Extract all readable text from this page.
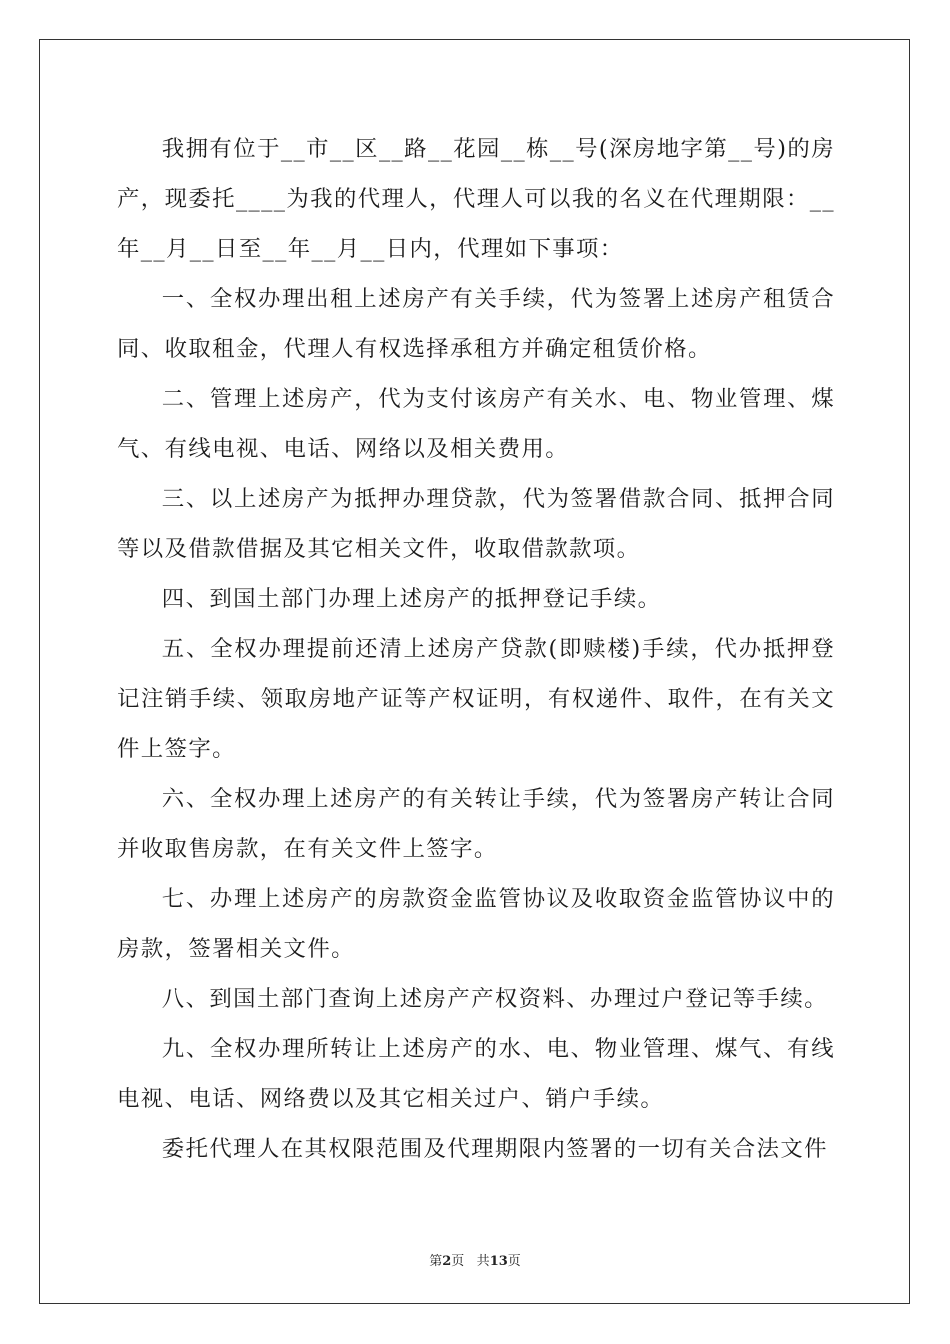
我拥有位于__市__区__路__花园__栋__号(深房地字第__号)的房产，现委托____为我的代理人，代理人可以我的名义在代理期限：__年__月__日至__年__月__日内，代理如下事项：

一、全权办理出租上述房产有关手续，代为签署上述房产租赁合同、收取租金，代理人有权选择承租方并确定租赁价格。

二、管理上述房产，代为支付该房产有关水、电、物业管理、煤气、有线电视、电话、网络以及相关费用。

三、以上述房产为抵押办理贷款，代为签署借款合同、抵押合同等以及借款借据及其它相关文件，收取借款款项。

四、到国土部门办理上述房产的抵押登记手续。

五、全权办理提前还清上述房产贷款(即赎楼)手续，代办抵押登记注销手续、领取房地产证等产权证明，有权递件、取件，在有关文件上签字。

六、全权办理上述房产的有关转让手续，代为签署房产转让合同并收取售房款，在有关文件上签字。

七、办理上述房产的房款资金监管协议及收取资金监管协议中的房款，签署相关文件。

八、到国土部门查询上述房产产权资料、办理过户登记等手续。

九、全权办理所转让上述房产的水、电、物业管理、煤气、有线电视、电话、网络费以及其它相关过户、销户手续。

委托代理人在其权限范围及代理期限内签署的一切有关合法文件

第2页 共13页
